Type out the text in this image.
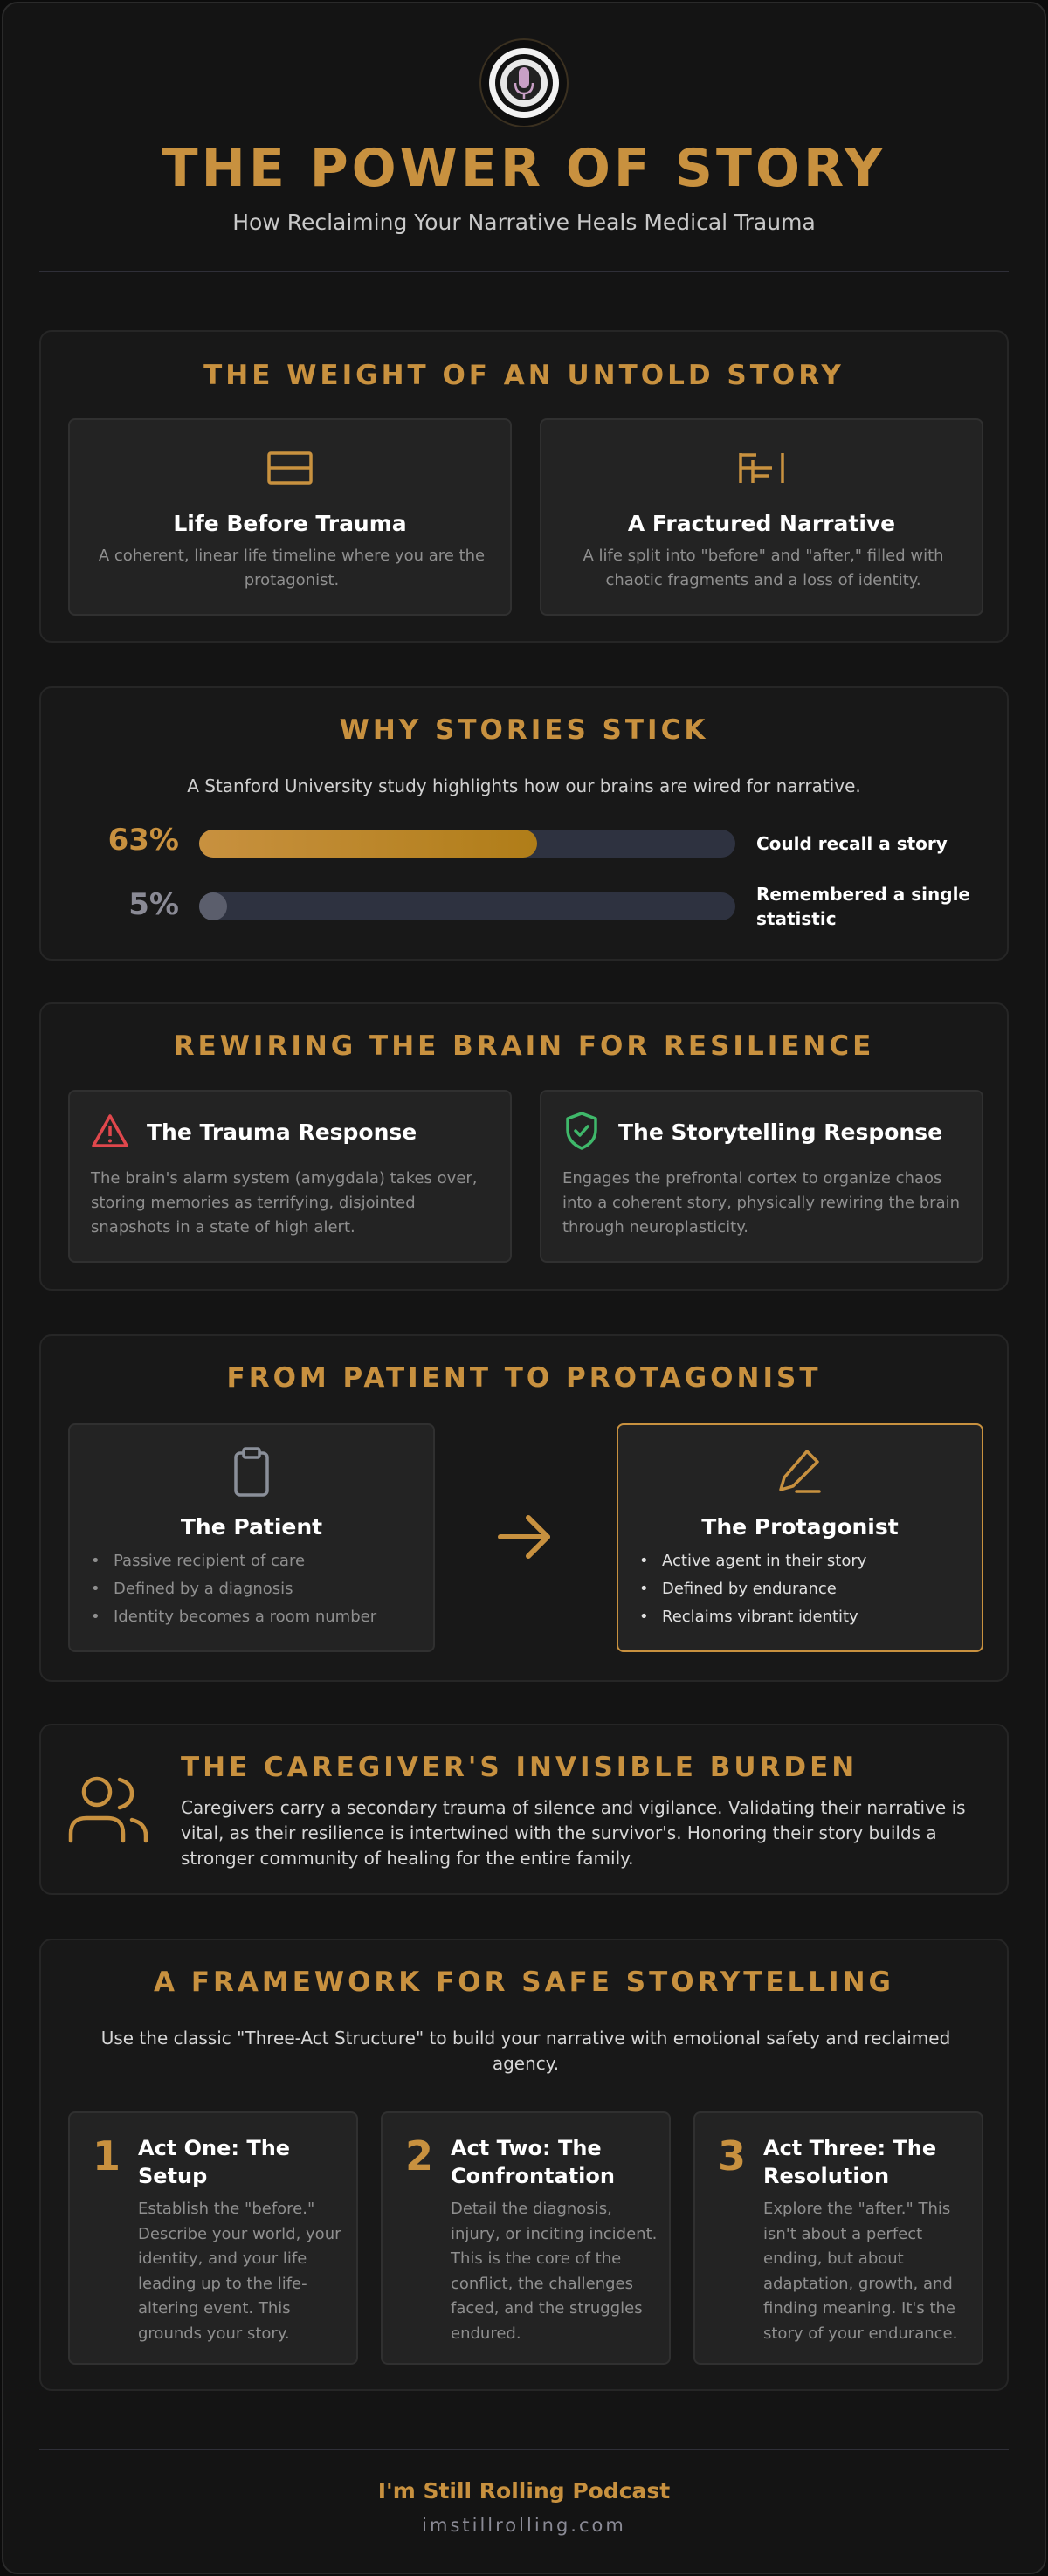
THE POWER OF STORY
How Reclaiming Your Narrative Heals Medical Trauma
THE WEIGHT OF AN UNTOLD STORY
Life Before Trauma
A coherent, linear life timeline where you are the protagonist.
A Fractured Narrative
A life split into "before" and "after," filled with chaotic fragments and a loss of identity.
WHY STORIES STICK
A Stanford University study highlights how our brains are wired for narrative.
63%	Could recall a story
5%	Remembered a single statistic
REWIRING THE BRAIN FOR RESILIENCE
The Trauma Response
The brain's alarm system (amygdala) takes over, storing memories as terrifying, disjointed snapshots in a state of high alert.
The Storytelling Response
Engages the prefrontal cortex to organize chaos into a coherent story, physically rewiring the brain through neuroplasticity.
FROM PATIENT TO PROTAGONIST
The Patient
• Passive recipient of care
• Defined by a diagnosis
• Identity becomes a room number
The Protagonist
• Active agent in their story
• Defined by endurance
• Reclaims vibrant identity
THE CAREGIVER'S INVISIBLE BURDEN
Caregivers carry a secondary trauma of silence and vigilance. Validating their narrative is vital, as their resilience is intertwined with the survivor's. Honoring their story builds a stronger community of healing for the entire family.
A FRAMEWORK FOR SAFE STORYTELLING
Use the classic "Three-Act Structure" to build your narrative with emotional safety and reclaimed agency.
1 Act One: The Setup
Establish the "before." Describe your world, your identity, and your life leading up to the life-altering event. This grounds your story.
2 Act Two: The Confrontation
Detail the diagnosis, injury, or inciting incident. This is the core of the conflict, the challenges faced, and the struggles endured.
3 Act Three: The Resolution
Explore the "after." This isn't about a perfect ending, but about adaptation, growth, and finding meaning. It's the story of your endurance.
I'm Still Rolling Podcast
imstillrolling.com
